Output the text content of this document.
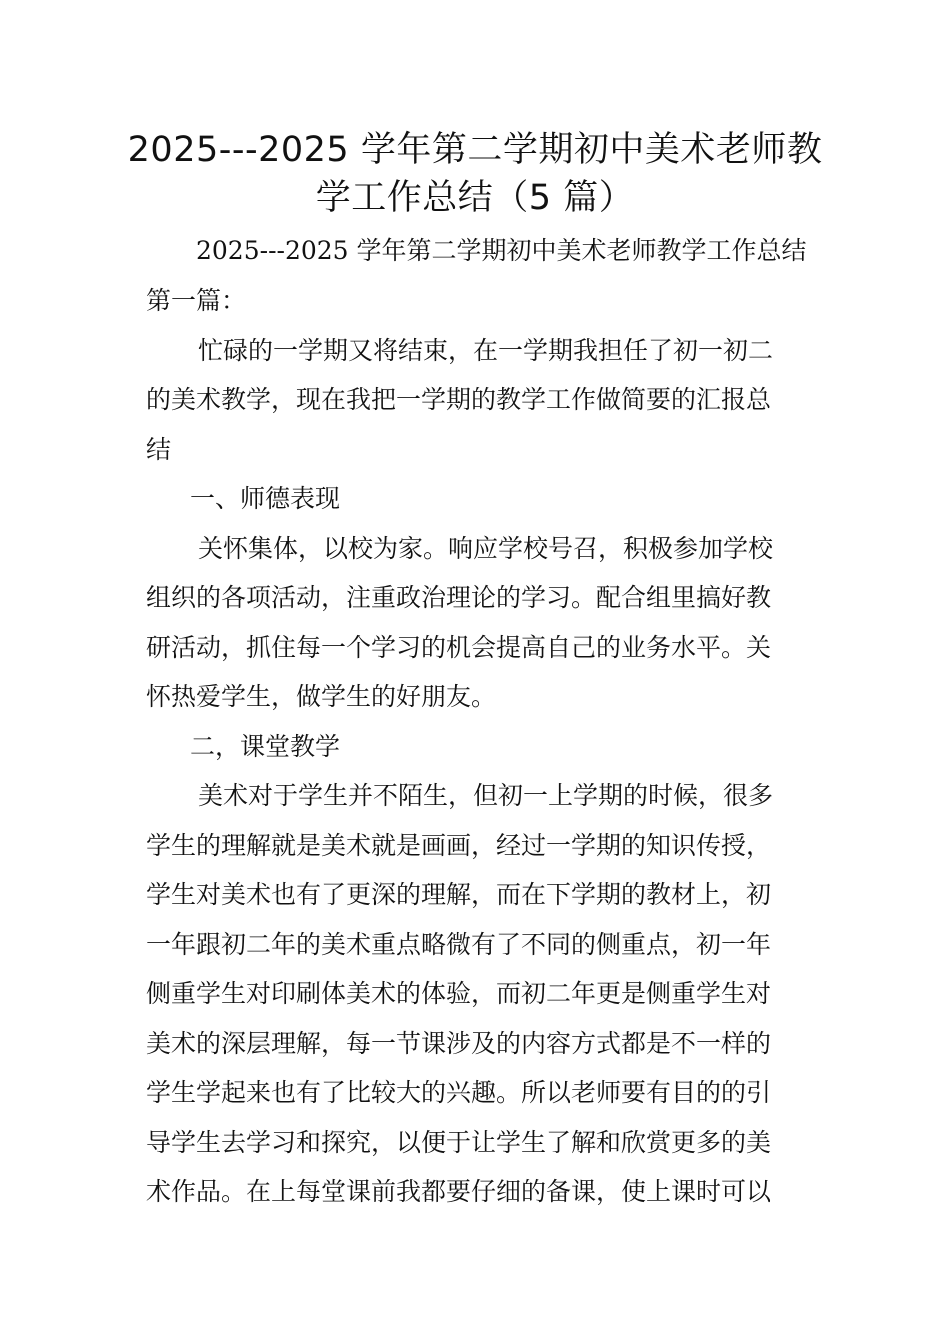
2025---2025 学年第二学期初中美术老师教
学工作总结（5 篇）
2025---2025 学年第二学期初中美术老师教学工作总结
第一篇：
忙碌的一学期又将结束，在一学期我担任了初一初二
的美术教学，现在我把一学期的教学工作做简要的汇报总
结
一、师德表现
关怀集体，以校为家。响应学校号召，积极参加学校
组织的各项活动，注重政治理论的学习。配合组里搞好教
研活动，抓住每一个学习的机会提高自己的业务水平。关
怀热爱学生，做学生的好朋友。
二，课堂教学
美术对于学生并不陌生，但初一上学期的时候，很多
学生的理解就是美术就是画画，经过一学期的知识传授，
学生对美术也有了更深的理解，而在下学期的教材上，初
一年跟初二年的美术重点略微有了不同的侧重点，初一年
侧重学生对印刷体美术的体验，而初二年更是侧重学生对
美术的深层理解，每一节课涉及的内容方式都是不一样的
学生学起来也有了比较大的兴趣。所以老师要有目的的引
导学生去学习和探究，以便于让学生了解和欣赏更多的美
术作品。在上每堂课前我都要仔细的备课，使上课时可以
